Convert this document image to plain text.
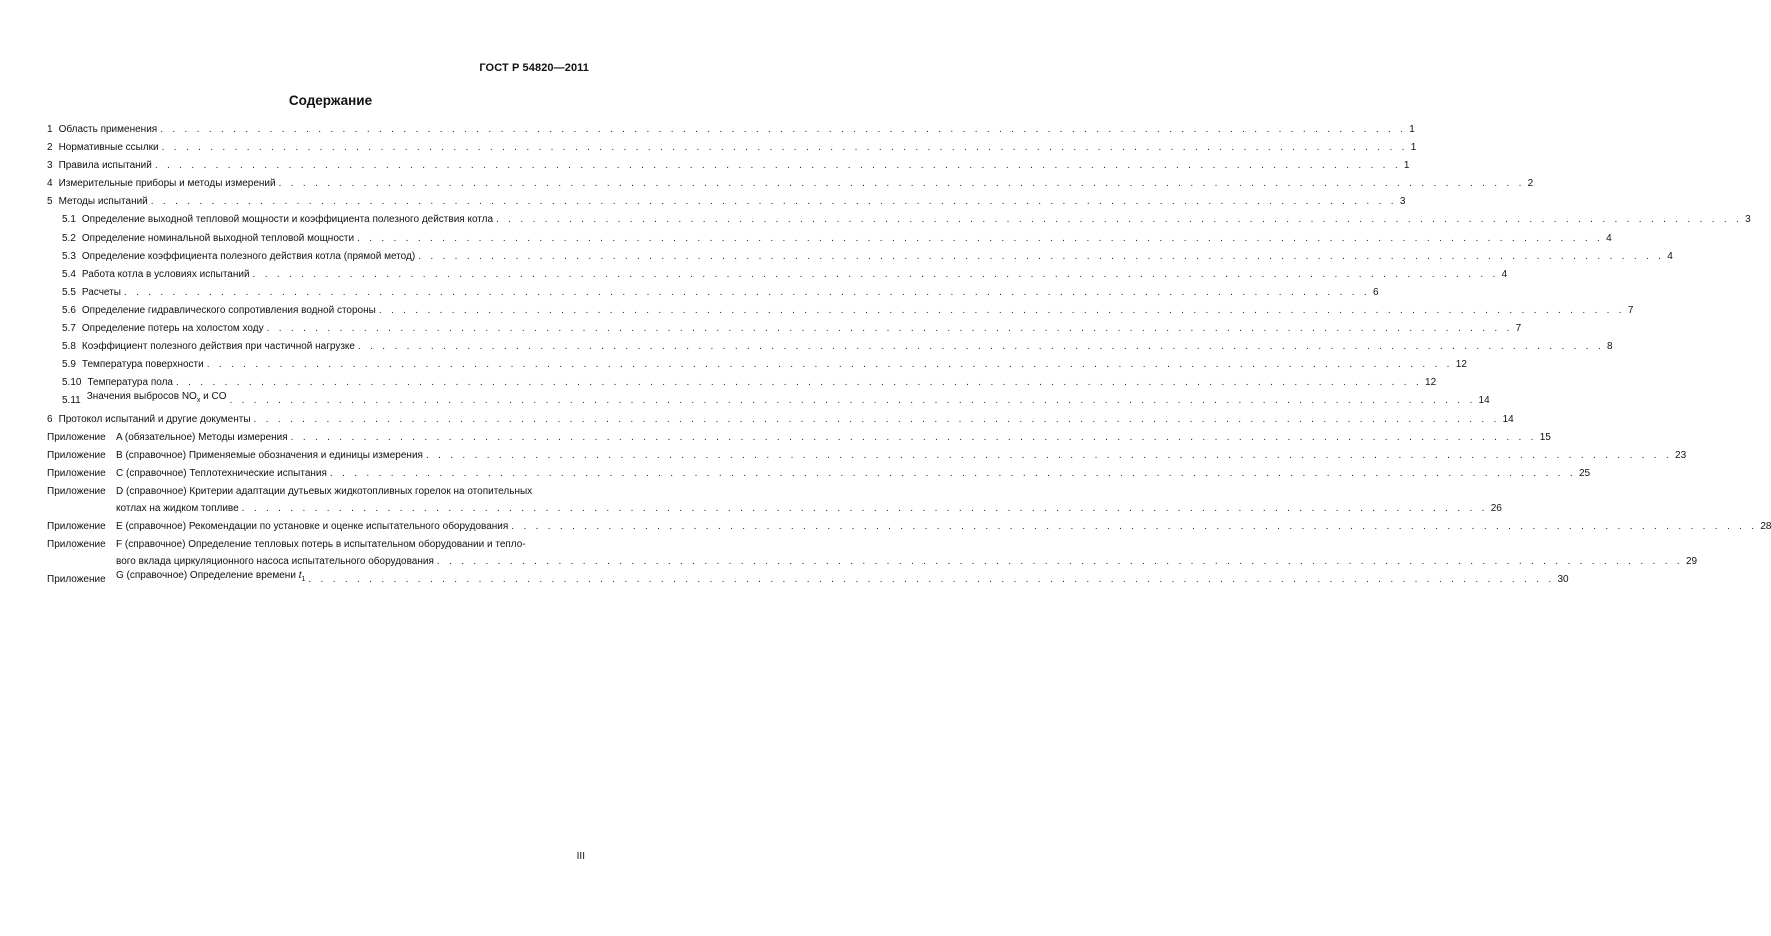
ГОСТ Р 54820—2011
Содержание
1 Область применения . . .	1
2 Нормативные ссылки . . .	1
3 Правила испытаний . . .	1
4 Измерительные приборы и методы измерений . . .	2
5 Методы испытаний . . .	3
5.1 Определение выходной тепловой мощности и коэффициента полезного действия котла . . .	3
5.2 Определение номинальной выходной тепловой мощности . . .	4
5.3 Определение коэффициента полезного действия котла (прямой метод) . . .	4
5.4 Работа котла в условиях испытаний . . .	4
5.5 Расчеты . . .	6
5.6 Определение гидравлического сопротивления водной стороны . . .	7
5.7 Определение потерь на холостом ходу . . .	7
5.8 Коэффициент полезного действия при частичной нагрузке . . .	8
5.9 Температура поверхности . . .	12
5.10 Температура пола . . .	12
5.11 Значения выбросов $NO_x$ и CO . . .	14
6 Протокол испытаний и другие документы . . .	14
Приложение	A (обязательное) Методы измерения . . .	15
Приложение	B (справочное) Применяемые обозначения и единицы измерения . . .	23
Приложение	C (справочное) Теплотехнические испытания . . .	25
Приложение	D (справочное) Критерии адаптации дутьевых жидкотопливных горелок на отопительных
котлах на жидком топливе . . .	26
Приложение	E (справочное) Рекомендации по установке и оценке испытательного оборудования . . .	28
Приложение	F (справочное) Определение тепловых потерь в испытательном оборудовании и тепло-
вого вклада циркуляционного насоса испытательного оборудования . . .	29
Приложение	G (справочное) Определение времени $t_1$ . . .	30
III
